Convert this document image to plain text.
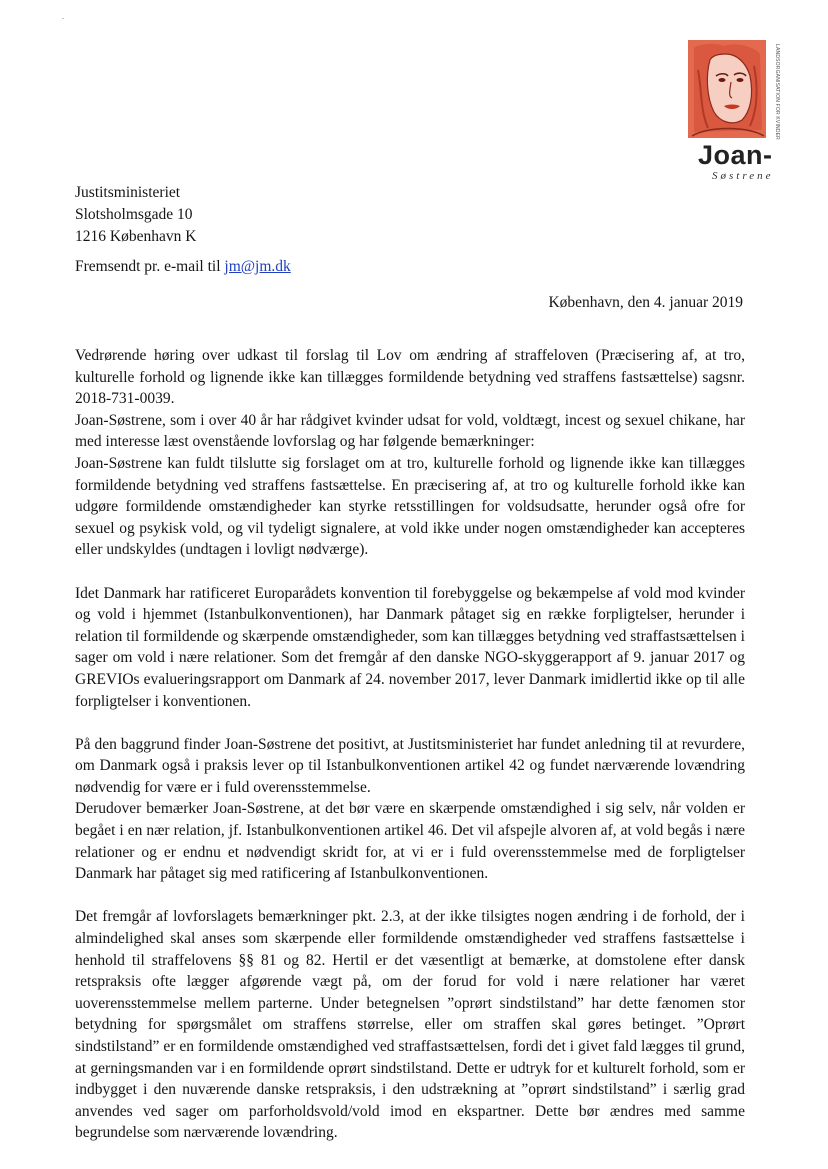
-
LANDSORGANISATION FOR KVINDER
Joan-
Søstrene
Justitsministeriet
Slotsholmsgade 10
1216 København K
Fremsendt pr. e-mail til jm@jm.dk
København, den 4. januar 2019

Vedrørende høring over udkast til forslag til Lov om ændring af straffeloven (Præcisering af, at tro, kulturelle forhold og lignende ikke kan tillægges formildende betydning ved straffens fastsættelse) sagsnr. 2018-731-0039.

Joan-Søstrene, som i over 40 år har rådgivet kvinder udsat for vold, voldtægt, incest og sexuel chikane, har med interesse læst ovenstående lovforslag og har følgende bemærkninger:

Joan-Søstrene kan fuldt tilslutte sig forslaget om at tro, kulturelle forhold og lignende ikke kan tillægges formildende betydning ved straffens fastsættelse. En præcisering af, at tro og kulturelle forhold ikke kan udgøre formildende omstændigheder kan styrke retsstillingen for voldsudsatte, herunder også ofre for sexuel og psykisk vold, og vil tydeligt signalere, at vold ikke under nogen omstændigheder kan accepteres eller undskyldes (undtagen i lovligt nødværge).

Idet Danmark har ratificeret Europarådets konvention til forebyggelse og bekæmpelse af vold mod kvinder og vold i hjemmet (Istanbulkonventionen), har Danmark påtaget sig en række forpligtelser, herunder i relation til formildende og skærpende omstændigheder, som kan tillægges betydning ved straffastsættelsen i sager om vold i nære relationer. Som det fremgår af den danske NGO-skyggerapport af 9. januar 2017 og GREVIOs evalueringsrapport om Danmark af 24. november 2017, lever Danmark imidlertid ikke op til alle forpligtelser i konventionen.

På den baggrund finder Joan-Søstrene det positivt, at Justitsministeriet har fundet anledning til at revurdere, om Danmark også i praksis lever op til Istanbulkonventionen artikel 42 og fundet nærværende lovændring nødvendig for være er i fuld overensstemmelse.

Derudover bemærker Joan-Søstrene, at det bør være en skærpende omstændighed i sig selv, når volden er begået i en nær relation, jf. Istanbulkonventionen artikel 46. Det vil afspejle alvoren af, at vold begås i nære relationer og er endnu et nødvendigt skridt for, at vi er i fuld overensstemmelse med de forpligtelser Danmark har påtaget sig med ratificering af Istanbulkonventionen.

Det fremgår af lovforslagets bemærkninger pkt. 2.3, at der ikke tilsigtes nogen ændring i de forhold, der i almindelighed skal anses som skærpende eller formildende omstændigheder ved straffens fastsættelse i henhold til straffelovens §§ 81 og 82. Hertil er det væsentligt at bemærke, at domstolene efter dansk retspraksis ofte lægger afgørende vægt på, om der forud for vold i nære relationer har været uoverensstemmelse mellem parterne. Under betegnelsen ”oprørt sindstilstand” har dette fænomen stor betydning for spørgsmålet om straffens størrelse, eller om straffen skal gøres betinget. ”Oprørt sindstilstand” er en formildende omstændighed ved straffastsættelsen, fordi det i givet fald lægges til grund, at gerningsmanden var i en formildende oprørt sindstilstand. Dette er udtryk for et kulturelt forhold, som er indbygget i den nuværende danske retspraksis, i den udstrækning at ”oprørt sindstilstand” i særlig grad anvendes ved sager om parforholdsvold/vold imod en ekspartner. Dette bør ændres med samme begrundelse som nærværende lovændring.
